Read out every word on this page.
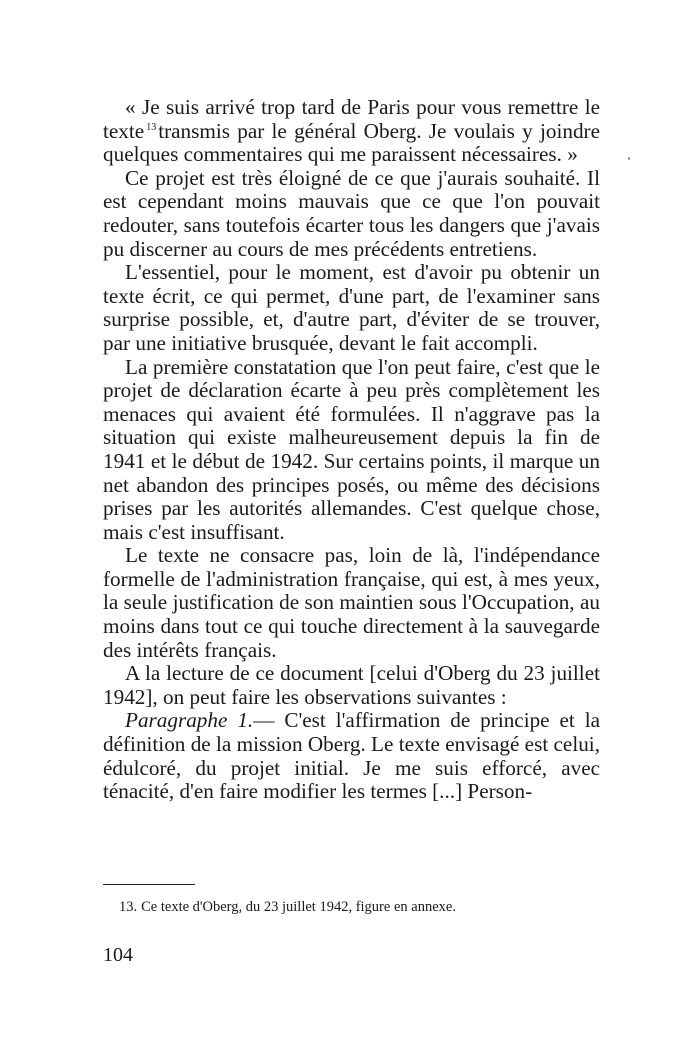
« Je suis arrivé trop tard de Paris pour vous remettre le texte $^{13}$transmis par le général Oberg. Je voulais y joindre quelques commentaires qui me paraissent nécessaires. »

Ce projet est très éloigné de ce que j'aurais souhaité. Il est cependant moins mauvais que ce que l'on pouvait redouter, sans toutefois écarter tous les dangers que j'avais pu discerner au cours de mes précédents entretiens.

L'essentiel, pour le moment, est d'avoir pu obtenir un texte écrit, ce qui permet, d'une part, de l'examiner sans surprise possible, et, d'autre part, d'éviter de se trouver, par une initiative brusquée, devant le fait accompli.

La première constatation que l'on peut faire, c'est que le projet de déclaration écarte à peu près complètement les menaces qui avaient été formulées. Il n'aggrave pas la situation qui existe malheureusement depuis la fin de 1941 et le début de 1942. Sur certains points, il marque un net abandon des principes posés, ou même des décisions prises par les autorités allemandes. C'est quelque chose, mais c'est insuffisant.

Le texte ne consacre pas, loin de là, l'indépendance formelle de l'administration française, qui est, à mes yeux, la seule justification de son maintien sous l'Occupation, au moins dans tout ce qui touche directement à la sauvegarde des intérêts français.

A la lecture de ce document [celui d'Oberg du 23 juillet 1942], on peut faire les observations suivantes :

Paragraphe 1.— C'est l'affirmation de principe et la définition de la mission Oberg. Le texte envisagé est celui, édulcoré, du projet initial. Je me suis efforcé, avec ténacité, d'en faire modifier les termes [...] Person-

13. Ce texte d'Oberg, du 23 juillet 1942, figure en annexe.

104
